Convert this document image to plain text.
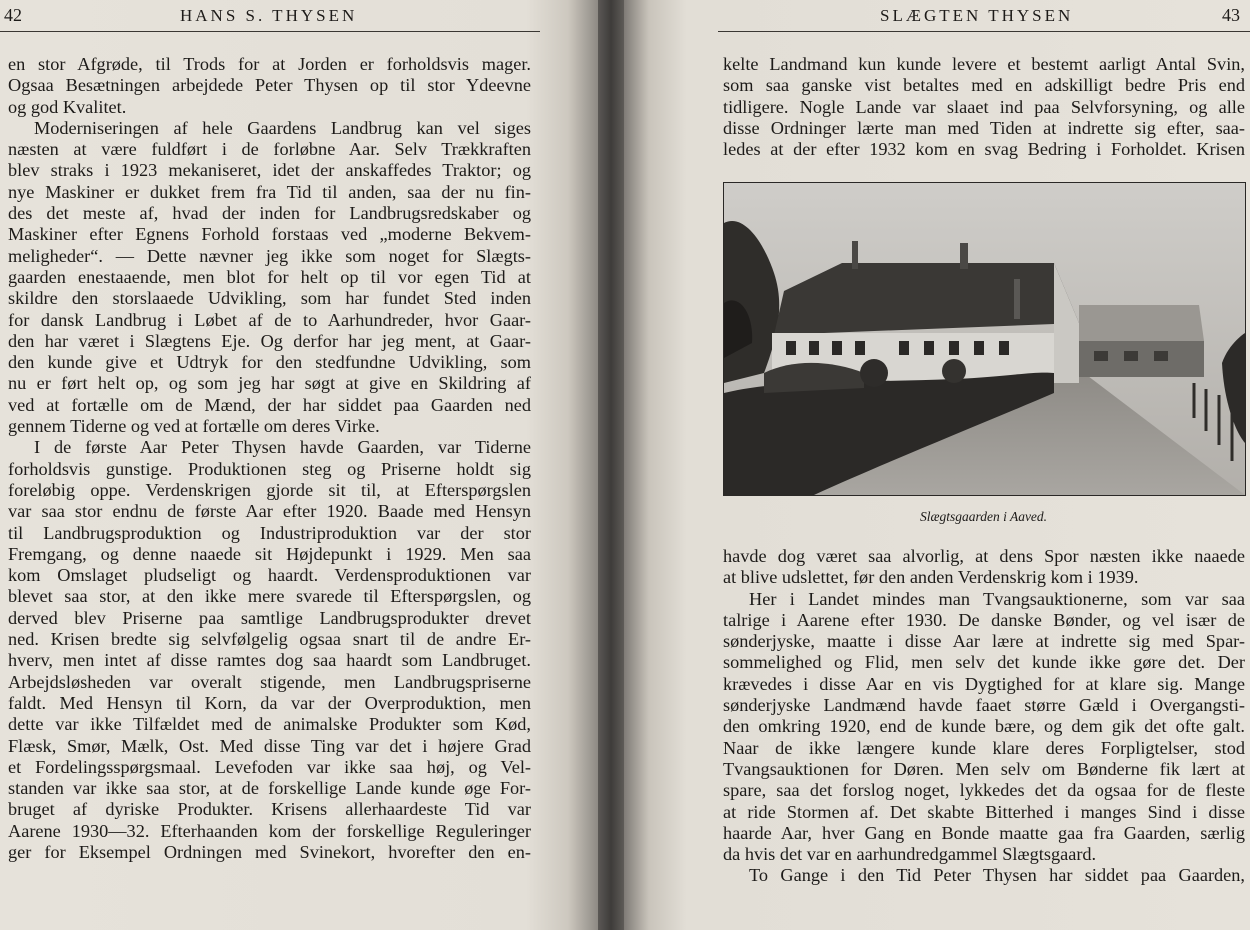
42	HANS S. THYSEN
en stor Afgrøde, til Trods for at Jorden er forholdsvis mager.
Ogsaa Besætningen arbejdede Peter Thysen op til stor Ydeevne
og god Kvalitet.
Moderniseringen af hele Gaardens Landbrug kan vel siges
næsten at være fuldført i de forløbne Aar. Selv Trækkraften
blev straks i 1923 mekaniseret, idet der anskaffedes Traktor; og
nye Maskiner er dukket frem fra Tid til anden, saa der nu fin-
des det meste af, hvad der inden for Landbrugsredskaber og
Maskiner efter Egnens Forhold forstaas ved „moderne Bekvem-
meligheder“. — Dette nævner jeg ikke som noget for Slægts-
gaarden enestaaende, men blot for helt op til vor egen Tid at
skildre den storslaaede Udvikling, som har fundet Sted inden
for dansk Landbrug i Løbet af de to Aarhundreder, hvor Gaar-
den har været i Slægtens Eje. Og derfor har jeg ment, at Gaar-
den kunde give et Udtryk for den stedfundne Udvikling, som
nu er ført helt op, og som jeg har søgt at give en Skildring af
ved at fortælle om de Mænd, der har siddet paa Gaarden ned
gennem Tiderne og ved at fortælle om deres Virke.
I de første Aar Peter Thysen havde Gaarden, var Tiderne
forholdsvis gunstige. Produktionen steg og Priserne holdt sig
foreløbig oppe. Verdenskrigen gjorde sit til, at Efterspørgslen
var saa stor endnu de første Aar efter 1920. Baade med Hensyn
til Landbrugsproduktion og Industriproduktion var der stor
Fremgang, og denne naaede sit Højdepunkt i 1929. Men saa
kom Omslaget pludseligt og haardt. Verdensproduktionen var
blevet saa stor, at den ikke mere svarede til Efterspørgslen, og
derved blev Priserne paa samtlige Landbrugsprodukter drevet
ned. Krisen bredte sig selvfølgelig ogsaa snart til de andre Er-
hverv, men intet af disse ramtes dog saa haardt som Landbruget.
Arbejdsløsheden var overalt stigende, men Landbrugspriserne
faldt. Med Hensyn til Korn, da var der Overproduktion, men
dette var ikke Tilfældet med de animalske Produkter som Kød,
Flæsk, Smør, Mælk, Ost. Med disse Ting var det i højere Grad
et Fordelingsspørgsmaal. Levefoden var ikke saa høj, og Vel-
standen var ikke saa stor, at de forskellige Lande kunde øge For-
bruget af dyriske Produkter. Krisens allerhaardeste Tid var
Aarene 1930—32. Efterhaanden kom der forskellige Reguleringer
ger for Eksempel Ordningen med Svinekort, hvorefter den en-
SLÆGTEN THYSEN	43
kelte Landmand kun kunde levere et bestemt aarligt Antal Svin,
som saa ganske vist betaltes med en adskilligt bedre Pris end
tidligere. Nogle Lande var slaaet ind paa Selvforsyning, og alle
disse Ordninger lærte man med Tiden at indrette sig efter, saa-
ledes at der efter 1932 kom en svag Bedring i Forholdet. Krisen
Slægtsgaarden i Aaved.
havde dog været saa alvorlig, at dens Spor næsten ikke naaede
at blive udslettet, før den anden Verdenskrig kom i 1939.
Her i Landet mindes man Tvangsauktionerne, som var saa
talrige i Aarene efter 1930. De danske Bønder, og vel især de
sønderjyske, maatte i disse Aar lære at indrette sig med Spar-
sommelighed og Flid, men selv det kunde ikke gøre det. Der
krævedes i disse Aar en vis Dygtighed for at klare sig. Mange
sønderjyske Landmænd havde faaet større Gæld i Overgangsti-
den omkring 1920, end de kunde bære, og dem gik det ofte galt.
Naar de ikke længere kunde klare deres Forpligtelser, stod
Tvangsauktionen for Døren. Men selv om Bønderne fik lært at
spare, saa det forslog noget, lykkedes det da ogsaa for de fleste
at ride Stormen af. Det skabte Bitterhed i manges Sind i disse
haarde Aar, hver Gang en Bonde maatte gaa fra Gaarden, særlig
da hvis det var en aarhundredgammel Slægtsgaard.
To Gange i den Tid Peter Thysen har siddet paa Gaarden,
